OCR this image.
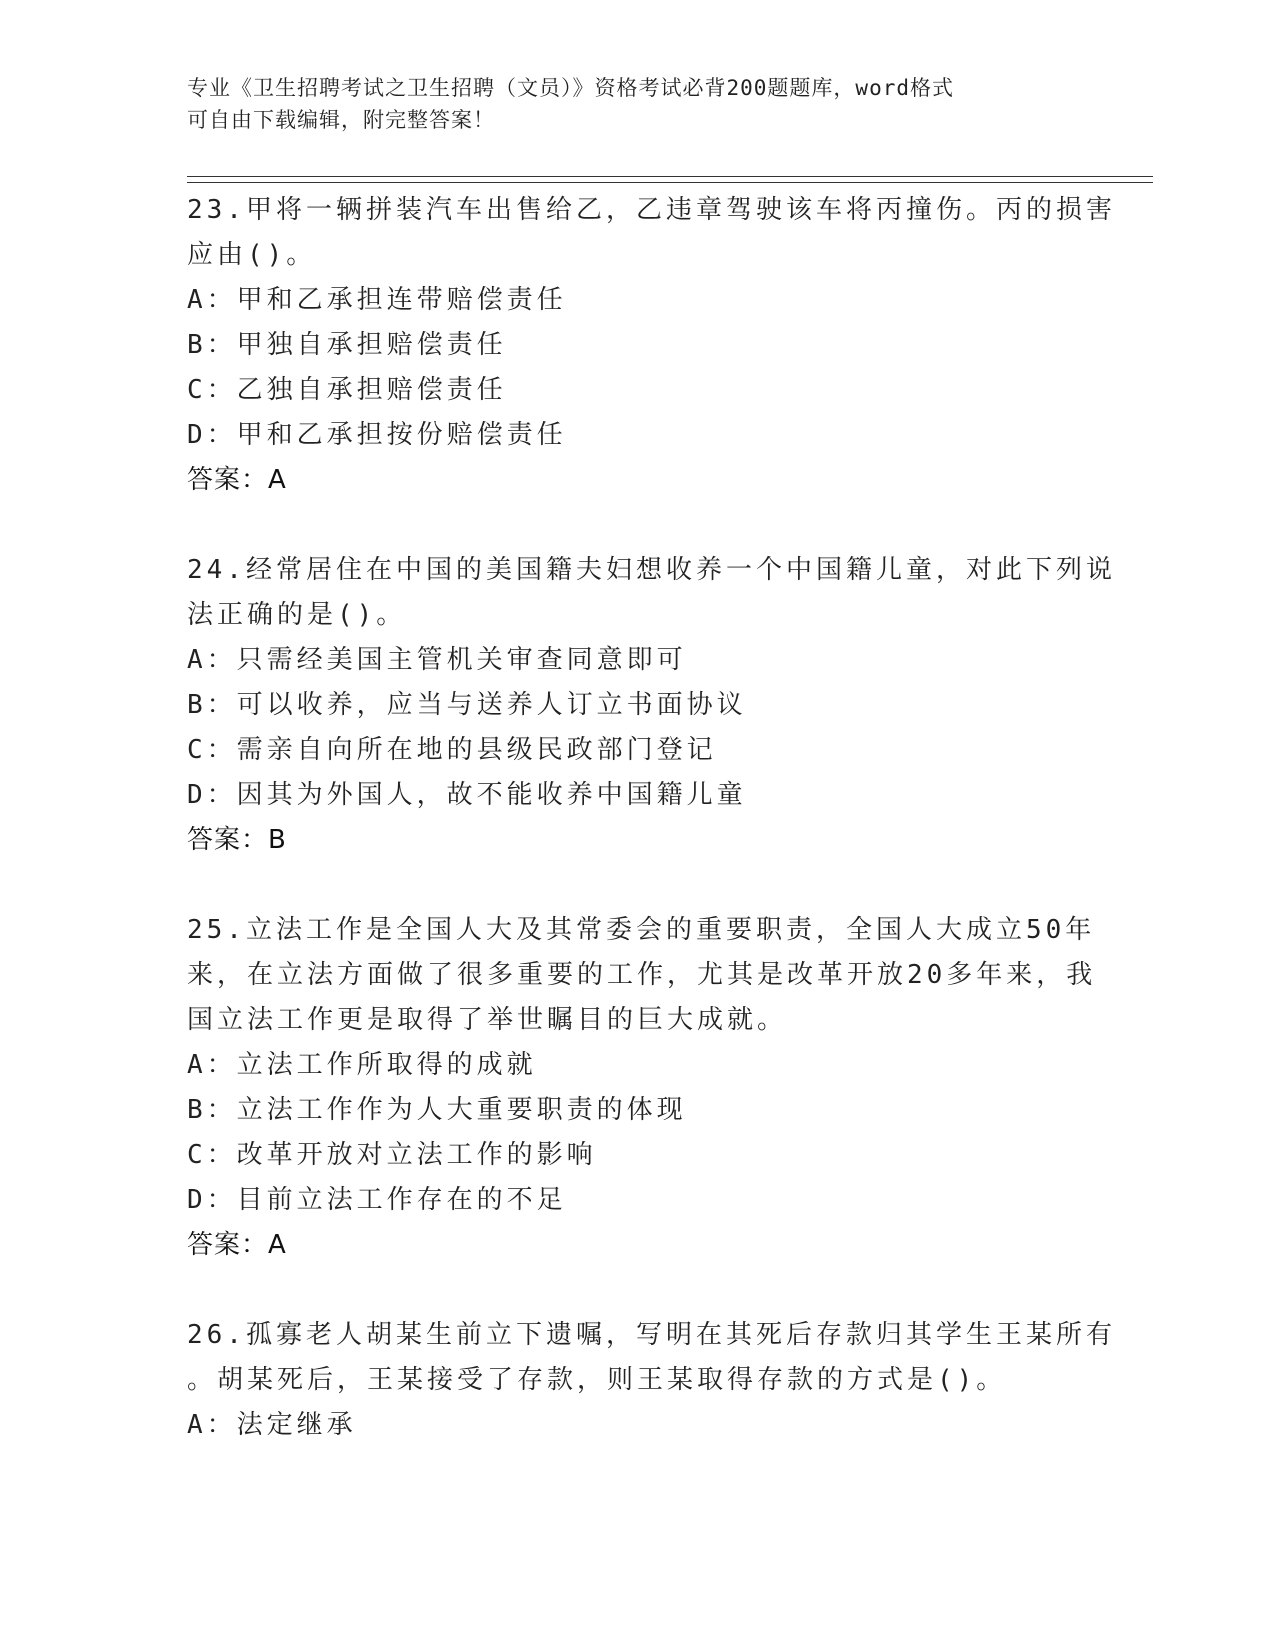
专业《卫生招聘考试之卫生招聘（文员）》资格考试必背200题题库，word格式
可自由下载编辑，附完整答案！
23.甲将一辆拼装汽车出售给乙，乙违章驾驶该车将丙撞伤。丙的损害
应由()。
A：甲和乙承担连带赔偿责任
B：甲独自承担赔偿责任
C：乙独自承担赔偿责任
D：甲和乙承担按份赔偿责任
答案：A
24.经常居住在中国的美国籍夫妇想收养一个中国籍儿童，对此下列说
法正确的是()。
A：只需经美国主管机关审查同意即可
B：可以收养，应当与送养人订立书面协议
C：需亲自向所在地的县级民政部门登记
D：因其为外国人，故不能收养中国籍儿童
答案：B
25.立法工作是全国人大及其常委会的重要职责，全国人大成立50年
来，在立法方面做了很多重要的工作，尤其是改革开放20多年来，我
国立法工作更是取得了举世瞩目的巨大成就。
A：立法工作所取得的成就
B：立法工作作为人大重要职责的体现
C：改革开放对立法工作的影响
D：目前立法工作存在的不足
答案：A
26.孤寡老人胡某生前立下遗嘱，写明在其死后存款归其学生王某所有
。胡某死后，王某接受了存款，则王某取得存款的方式是()。
A：法定继承
